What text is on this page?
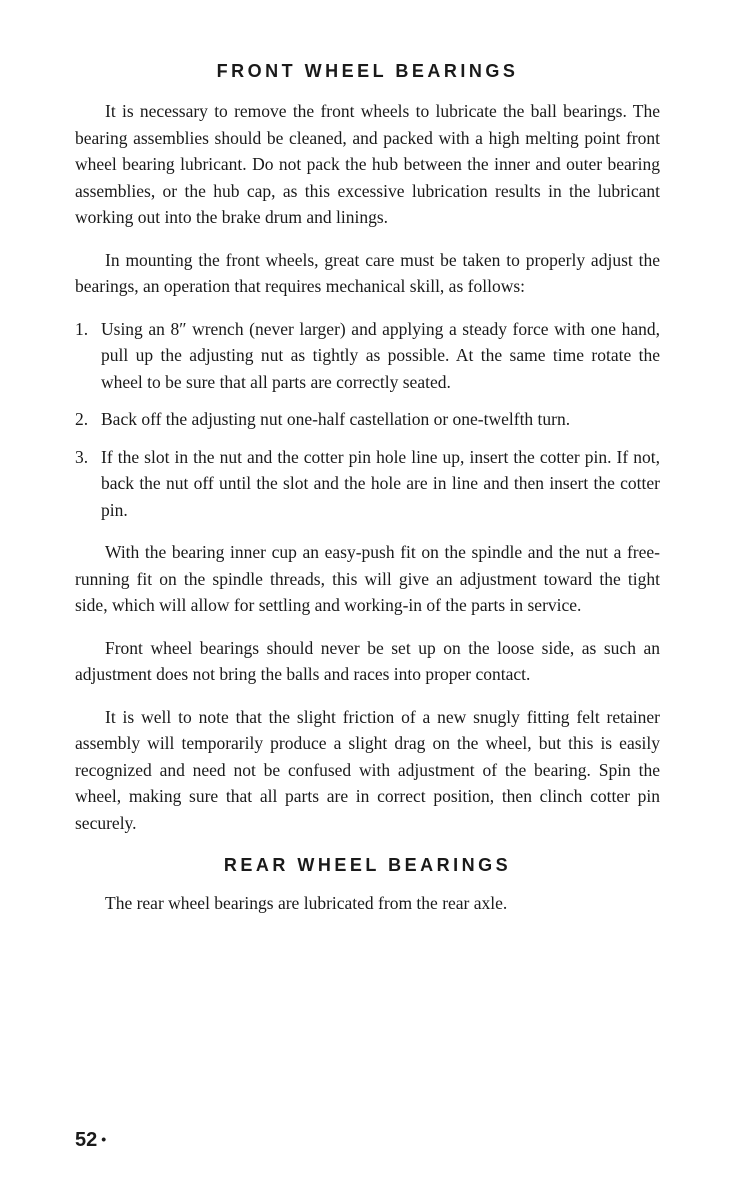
FRONT WHEEL BEARINGS

It is necessary to remove the front wheels to lubricate the ball bearings. The bearing assemblies should be cleaned, and packed with a high melting point front wheel bearing lubricant. Do not pack the hub between the inner and outer bearing assemblies, or the hub cap, as this excessive lubrication results in the lubricant working out into the brake drum and linings.

In mounting the front wheels, great care must be taken to properly adjust the bearings, an operation that requires mechanical skill, as follows:

1. Using an 8″ wrench (never larger) and applying a steady force with one hand, pull up the adjusting nut as tightly as possible. At the same time rotate the wheel to be sure that all parts are correctly seated.
2. Back off the adjusting nut one-half castellation or one-twelfth turn.
3. If the slot in the nut and the cotter pin hole line up, insert the cotter pin. If not, back the nut off until the slot and the hole are in line and then insert the cotter pin.

With the bearing inner cup an easy-push fit on the spindle and the nut a free-running fit on the spindle threads, this will give an adjustment toward the tight side, which will allow for settling and working-in of the parts in service.

Front wheel bearings should never be set up on the loose side, as such an adjustment does not bring the balls and races into proper contact.

It is well to note that the slight friction of a new snugly fitting felt retainer assembly will temporarily produce a slight drag on the wheel, but this is easily recognized and need not be confused with adjustment of the bearing. Spin the wheel, making sure that all parts are in correct position, then clinch cotter pin securely.

REAR WHEEL BEARINGS

The rear wheel bearings are lubricated from the rear axle.

52 •
